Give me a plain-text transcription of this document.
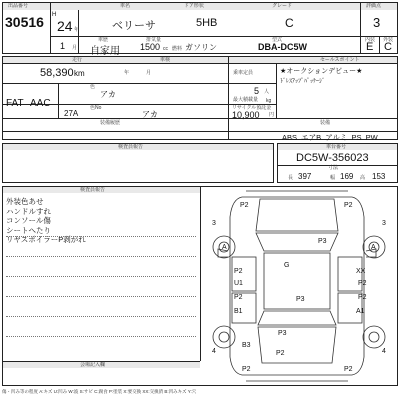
出品番号	車名	ドア形状	グレード	評価点
30516 H
24 年	ベリーサ	5HB	C	3
1 月
車歴
自家用
排気量
1500 cc 燃料 ガソリン
型式
DBA-DC5W
内装 外装
E C
走行	車検	セールスポイント
58,390 km	年	月	乗車定員
色
アカ	5 人
最大積載量 kg
FAT AAC
★オークションデビュー★
ﾄﾞﾚｽｱｯﾌﾟﾊﾟｯｹｰｼﾞ
色No
27A	アカ
リサイクル預託金
10,900 円
装備履歴	装備
ABS エアB アルミ PS PW
検査員報告	車台番号
DC5W-356023
寸法
長 397	幅 169 高 153
検査員報告
外装色あせ
ハンドルすれ
コンソール傷
シートへたり
リヤスポイラーP剥がれ
会場記入欄
P2	P2
P3
A	A
G
P2	XX
P2
U1
P3
P2
A1
P2
B1
P3
B3
P2
P2	P2
4	4
3	3
傷・凹み等の程度 A:キズ U:凹み W:波 S:サビ C:腐食 P:塗装 X:要交換 XX:交換済 B:凹みキズ Y:穴
